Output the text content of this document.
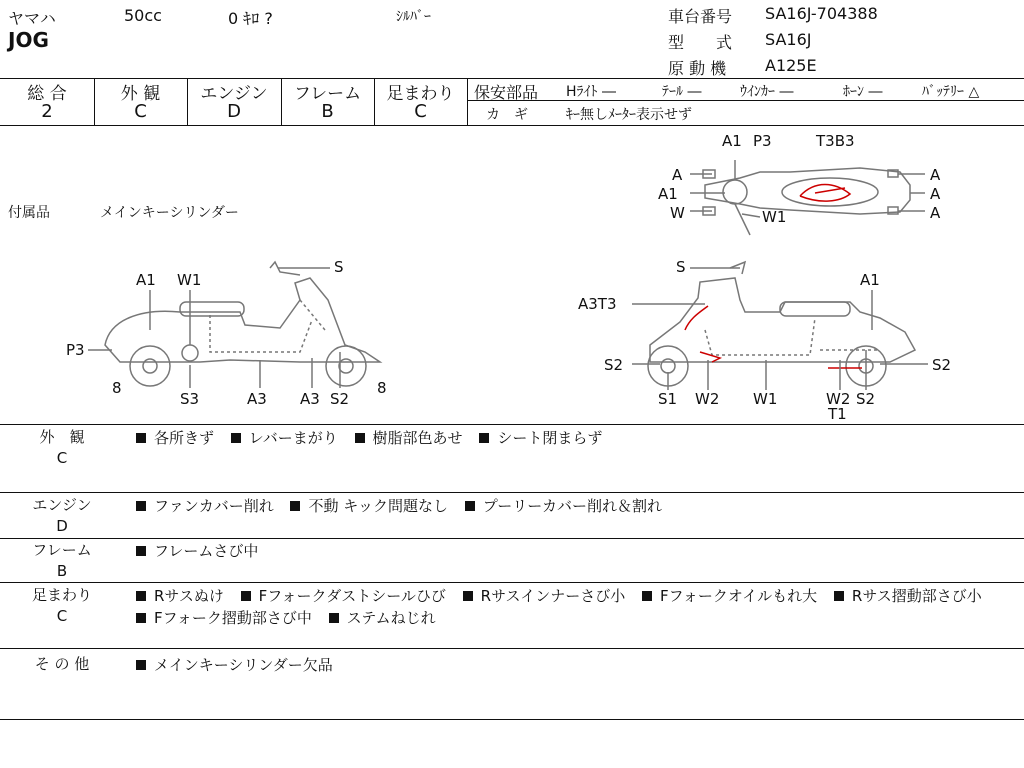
ヤマハ	50cc	0 ｷﾛ ?	ｼﾙﾊﾞｰ
JOG
車台番号 SA16J-704388
型　　式 SA16J
原 動 機 A125E
総 合
2
外 観
C
エンジン
D
フレーム
B
足まわり
C
保安部品 Hﾗｲﾄ ―	ﾃｰﾙ ―	ｳｲﾝｶｰ ―	ﾎｰﾝ ―	ﾊﾞｯﾃﾘｰ △
カ　ギ	ｷｰ無しﾒｰﾀｰ表示せず
付属品	メインキーシリンダー
A1 P3	T3B3
A
A1
W	W1
A
A
A
A1 W1
S
P3
8
S3	A3 A3 S2
8
S
A1
A3T3
S2	S2
S1 W2 W1	W2 S2
T1
外　観
C
各所きず レバーまがり 樹脂部色あせ シート閉まらず
エンジン
D
ファンカバー削れ 不動 キック問題なし プーリーカバー削れ＆割れ
フレーム
B
フレームさび中
足まわり
C
Rサスぬけ Fフォークダストシールひび Rサスインナーさび小 Fフォークオイルもれ大 Rサス摺動部さび小 Fフォーク摺動部さび中 ステムねじれ
そ の 他	メインキーシリンダー欠品
